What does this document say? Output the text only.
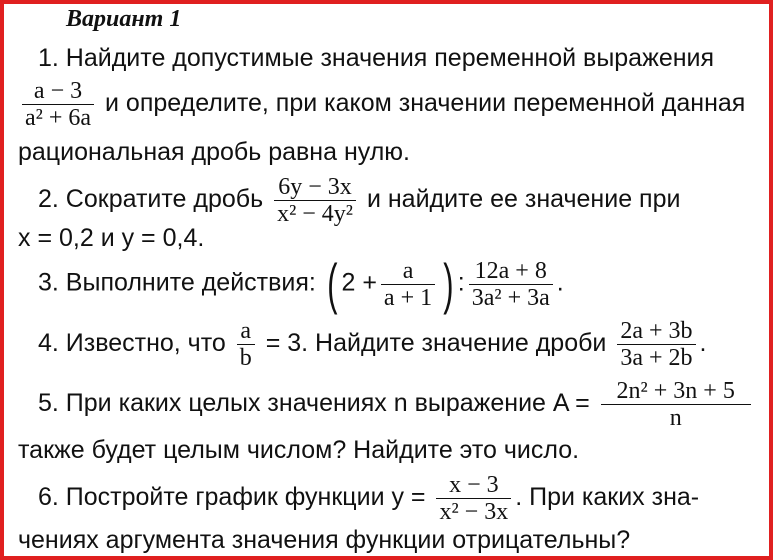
Вариант 1
1. Найдите допустимые значения переменной выражения
$\frac{a - 3}{\text{a² + 6a}}$ и определите, при каком значении переменной данная
рациональная дробь равна нулю.
2. Сократите дробь $\frac{6y - 3x}{\text{x² − 4y²}}$ и найдите ее значение при
x = 0,2 и y = 0,4.
3. Выполните действия: ( $2 + \frac{a}{a + 1}$ ) : $\frac{12a + 8}{\text{3a² + 3a}}$ .
4. Известно, что $\frac{a}{b} = 3$. Найдите значение дроби $\frac{2a + 3b}{3a + 2b}$ .
5. При каких целых значениях n выражение $A = \frac{\text{2n² + 3n + 5}}{n}$
также будет целым числом? Найдите это число.
6. Постройте график функции $y = \frac{x - 3}{\text{x² − 3x}}$ . При каких зна-
чениях аргумента значения функции отрицательны?
